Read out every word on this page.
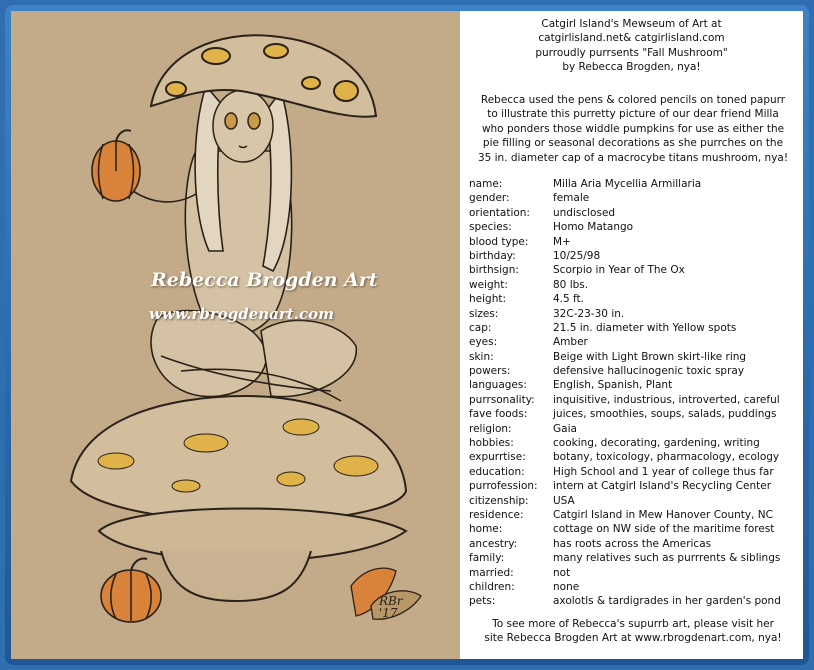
Rebecca Brogden Art
www.rbrogdenart.com
RBr
'17
Catgirl Island's Mewseum of Art at
catgirlisland.net& catgirlisland.com
purroudly purrsents "Fall Mushroom"
by Rebecca Brogden, nya!
Rebecca used the pens & colored pencils on toned papurr
to illustrate this purretty picture of our dear friend Milla
who ponders those widdle pumpkins for use as either the
pie filling or seasonal decorations as she purrches on the
35 in. diameter cap of a macrocybe titans mushroom, nya!
name:	Milla Aria Mycellia Armillaria
gender:	female
orientation:	undisclosed
species:	Homo Matango
blood type:	M+
birthday:	10/25/98
birthsign:	Scorpio in Year of The Ox
weight:	80 lbs.
height:	4.5 ft.
sizes:	32C-23-30 in.
cap:	21.5 in. diameter with Yellow spots
eyes:	Amber
skin:	Beige with Light Brown skirt-like ring
powers:	defensive hallucinogenic toxic spray
languages:	English, Spanish, Plant
purrsonality:	inquisitive, industrious, introverted, careful
fave foods:	juices, smoothies, soups, salads, puddings
religion:	Gaia
hobbies:	cooking, decorating, gardening, writing
expurrtise:	botany, toxicology, pharmacology, ecology
education:	High School and 1 year of college thus far
purrofession:	intern at Catgirl Island's Recycling Center
citizenship:	USA
residence:	Catgirl Island in Mew Hanover County, NC
home:	cottage on NW side of the maritime forest
ancestry:	has roots across the Americas
family:	many relatives such as purrrents & siblings
married:	not
children:	none
pets:	axolotls & tardigrades in her garden's pond
To see more of Rebecca's supurrb art, please visit her
site Rebecca Brogden Art at www.rbrogdenart.com, nya!
